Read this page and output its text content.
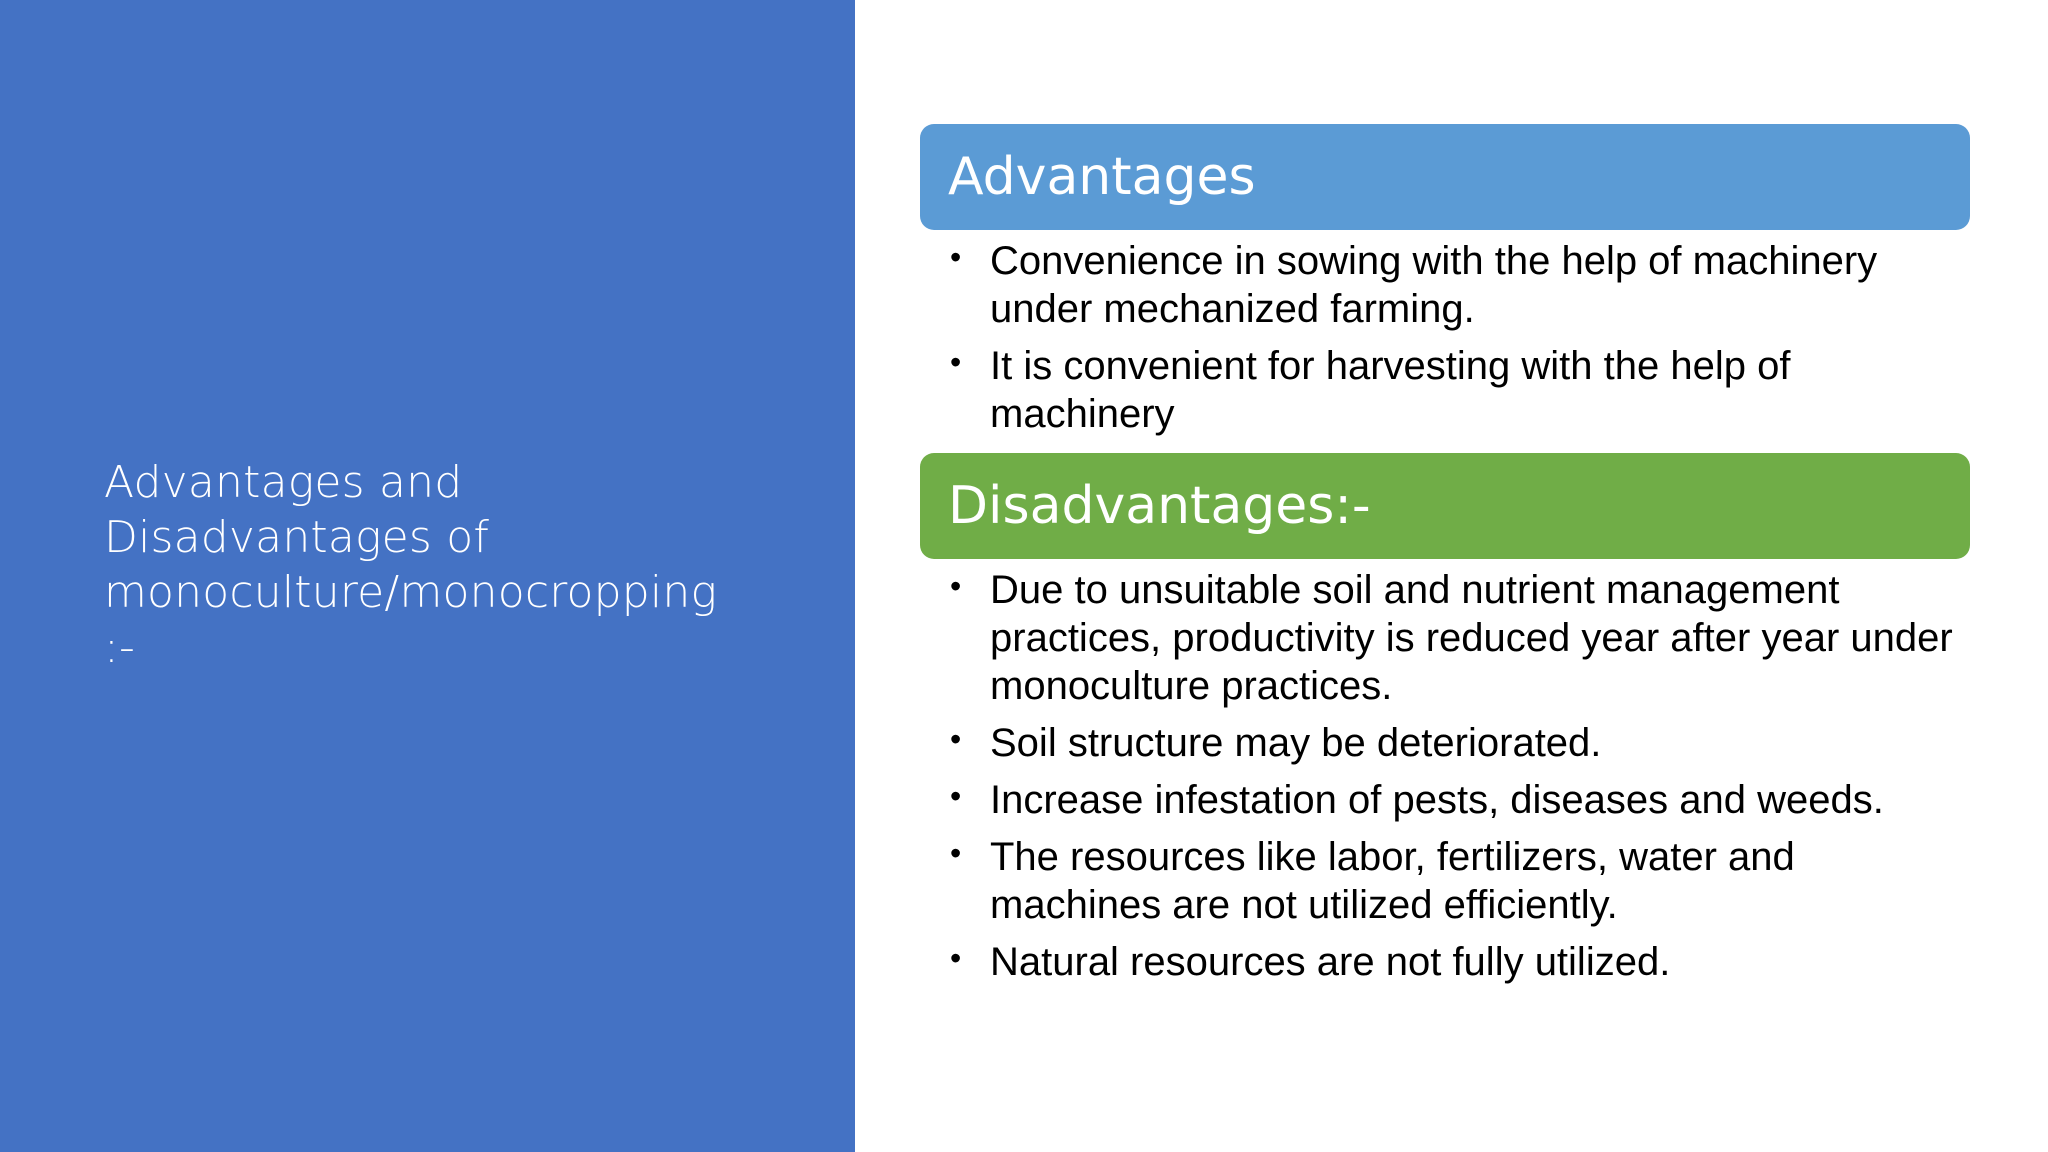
Advantages and
Disadvantages of
monoculture/monocropping
:-
Advantages
• Convenience in sowing with the help of machinery under mechanized farming.
• It is convenient for harvesting with the help of machinery
Disadvantages:-
• Due to unsuitable soil and nutrient management practices, productivity is reduced year after year under monoculture practices.
• Soil structure may be deteriorated.
• Increase infestation of pests, diseases and weeds.
• The resources like labor, fertilizers, water and machines are not utilized efficiently.
• Natural resources are not fully utilized.
